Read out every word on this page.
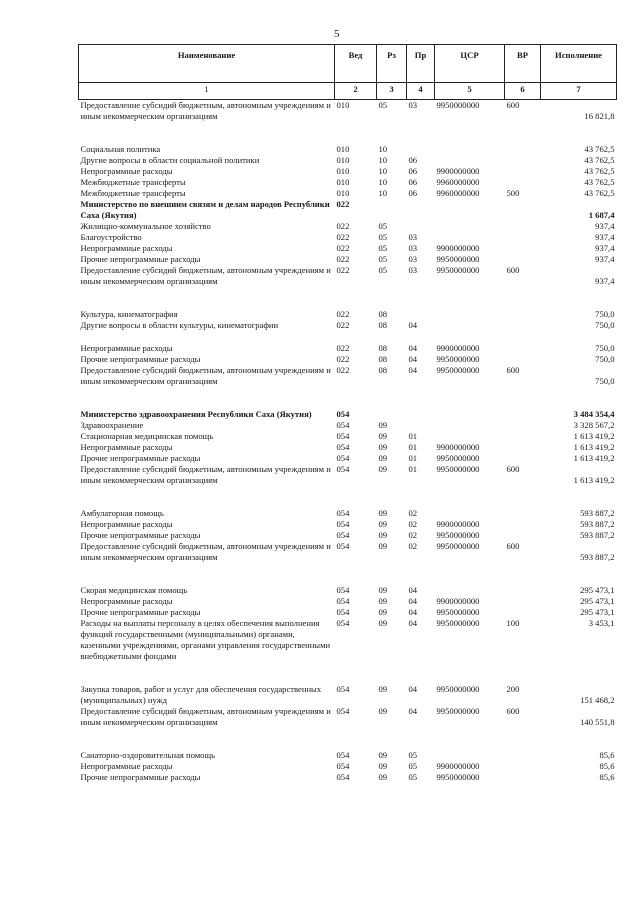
5
Наименование	Вед	Рз	Пр	ЦСР	ВР	Исполнение
1	2	3	4	5	6	7
Предоставление субсидий бюджетным, автономным учреждениям и иным некоммерческим организациям	010	05	03	9950000000	600	16 821,8

Социальная политика	010	10				43 762,5
Другие вопросы в области социальной политики	010	10	06			43 762,5
Непрограммные расходы	010	10	06	9900000000		43 762,5
Межбюджетные трансферты	010	10	06	9960000000		43 762,5
Межбюджетные трансферты	010	10	06	9960000000	500	43 762,5
Министерство по внешним связям и делам народов Республики Саха (Якутия)	022					1 687,4
Жилищно-коммунальное хозяйство	022	05				937,4
Благоустройство	022	05	03			937,4
Непрограммные расходы	022	05	03	9900000000		937,4
Прочие непрограммные расходы	022	05	03	9950000000		937,4
Предоставление субсидий бюджетным, автономным учреждениям и иным некоммерческим организациям	022	05	03	9950000000	600	937,4

Культура, кинематография	022	08				750,0
Другие вопросы в области культуры, кинематографии	022	08	04			750,0

Непрограммные расходы	022	08	04	9900000000		750,0
Прочие непрограммные расходы	022	08	04	9950000000		750,0
Предоставление субсидий бюджетным, автономным учреждениям и иным некоммерческим организациям	022	08	04	9950000000	600	750,0

Министерство здравоохранения Республики Саха (Якутия)	054					3 484 354,4
Здравоохранение	054	09				3 328 567,2
Стационарная медицинская помощь	054	09	01			1 613 419,2
Непрограммные расходы	054	09	01	9900000000		1 613 419,2
Прочие непрограммные расходы	054	09	01	9950000000		1 613 419,2
Предоставление субсидий бюджетным, автономным учреждениям и иным некоммерческим организациям	054	09	01	9950000000	600	1 613 419,2

Амбулаторная помощь	054	09	02			593 887,2
Непрограммные расходы	054	09	02	9900000000		593 887,2
Прочие непрограммные расходы	054	09	02	9950000000		593 887,2
Предоставление субсидий бюджетным, автономным учреждениям и иным некоммерческим организациям	054	09	02	9950000000	600	593 887,2

Скорая медицинская помощь	054	09	04			295 473,1
Непрограммные расходы	054	09	04	9900000000		295 473,1
Прочие непрограммные расходы	054	09	04	9950000000		295 473,1
Расходы на выплаты персоналу в целях обеспечения выполнения функций государственными (муниципальными) органами, казенными учреждениями, органами управления государственными внебюджетными фондами	054	09	04	9950000000	100	3 453,1

Закупка товаров, работ и услуг для обеспечения государственных (муниципальных) нужд	054	09	04	9950000000	200	151 468,2
Предоставление субсидий бюджетным, автономным учреждениям и иным некоммерческим организациям	054	09	04	9950000000	600	140 551,8

Санаторно-оздоровительная помощь	054	09	05			85,6
Непрограммные расходы	054	09	05	9900000000		85,6
Прочие непрограммные расходы	054	09	05	9950000000		85,6
